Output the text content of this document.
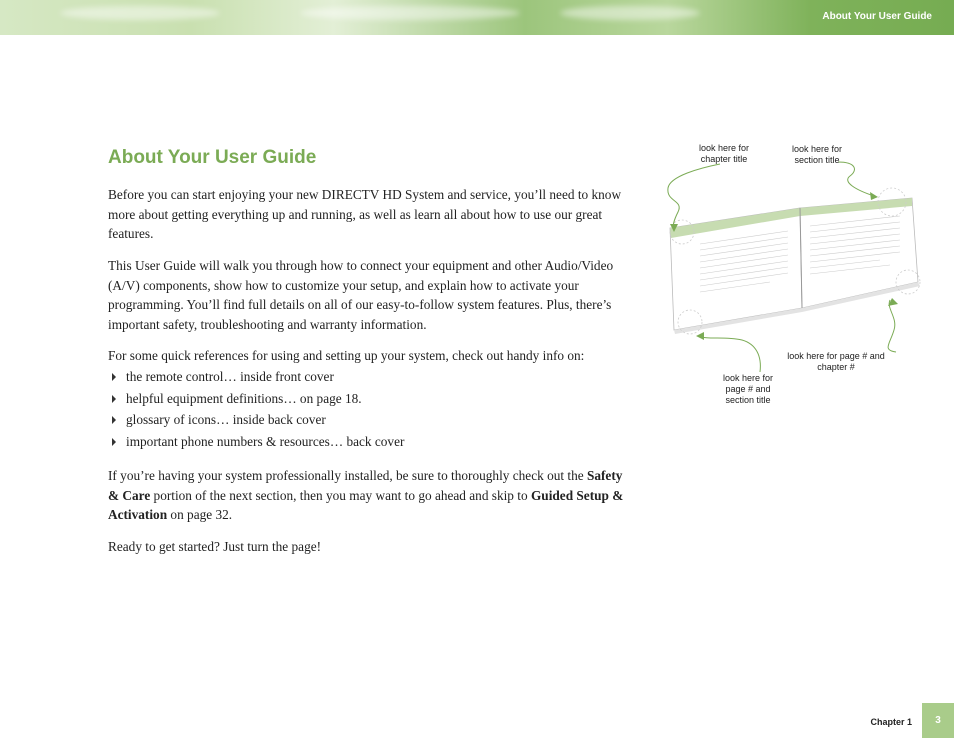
About Your User Guide
About Your User Guide

Before you can start enjoying your new DIRECTV HD System and service, you’ll need to know more about getting everything up and running, as well as learn all about how to use our great features.

This User Guide will walk you through how to connect your equipment and other Audio/Video (A/V) components, show how to customize your setup, and explain how to activate your programming. You’ll find full details on all of our easy-to-follow system features. Plus, there’s important safety, troubleshooting and warranty information.

For some quick references for using and setting up your system, check out handy info on:

the remote control… inside front cover
helpful equipment definitions… on page 18.
glossary of icons… inside back cover
important phone numbers & resources… back cover

If you’re having your system professionally installed, be sure to thoroughly check out the Safety & Care portion of the next section, then you may want to go ahead and skip to Guided Setup & Activation on page 32.

Ready to get started? Just turn the page!

look here for chapter title
look here for section title
look here for page # and chapter #
look here for page # and section title
Chapter 1	3
